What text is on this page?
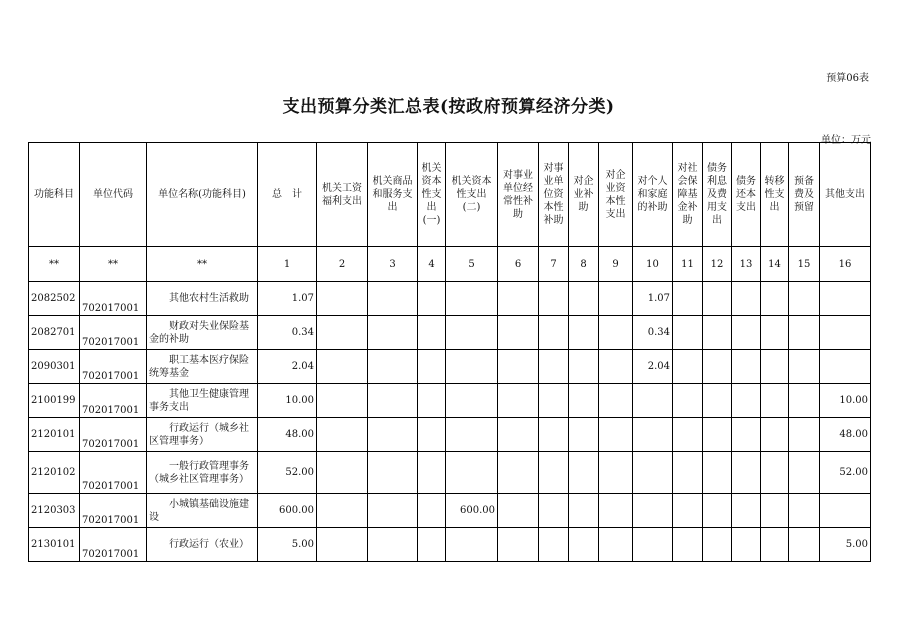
预算06表
支出预算分类汇总表(按政府预算经济分类)
单位：万元
功能科目	单位代码	单位名称(功能科目)	总　计	机关工资福利支出	机关商品和服务支出	机关资本性支出(一)	机关资本性支出(二)	对事业单位经常性补助	对事业单位资本性补助	对企业补助	对企业资本性支出	对个人和家庭的补助	对社会保障基金补助	债务利息及费用支出	债务还本支出	转移性支出	预备费及预留	其他支出
**	**	**	1	2	3	4	5	6	7	8	9	10	11	12	13	14	15	16
2082502	702017001	其他农村生活救助	1.07									1.07						
2082701	702017001	财政对失业保险基金的补助	0.34									0.34						
2090301	702017001	职工基本医疗保险统筹基金	2.04									2.04						
2100199	702017001	其他卫生健康管理事务支出	10.00															10.00
2120101	702017001	行政运行（城乡社区管理事务）	48.00															48.00
2120102	702017001	一般行政管理事务（城乡社区管理事务）	52.00															52.00
2120303	702017001	小城镇基础设施建设	600.00				600.00											
2130101	702017001	行政运行（农业）	5.00															5.00
